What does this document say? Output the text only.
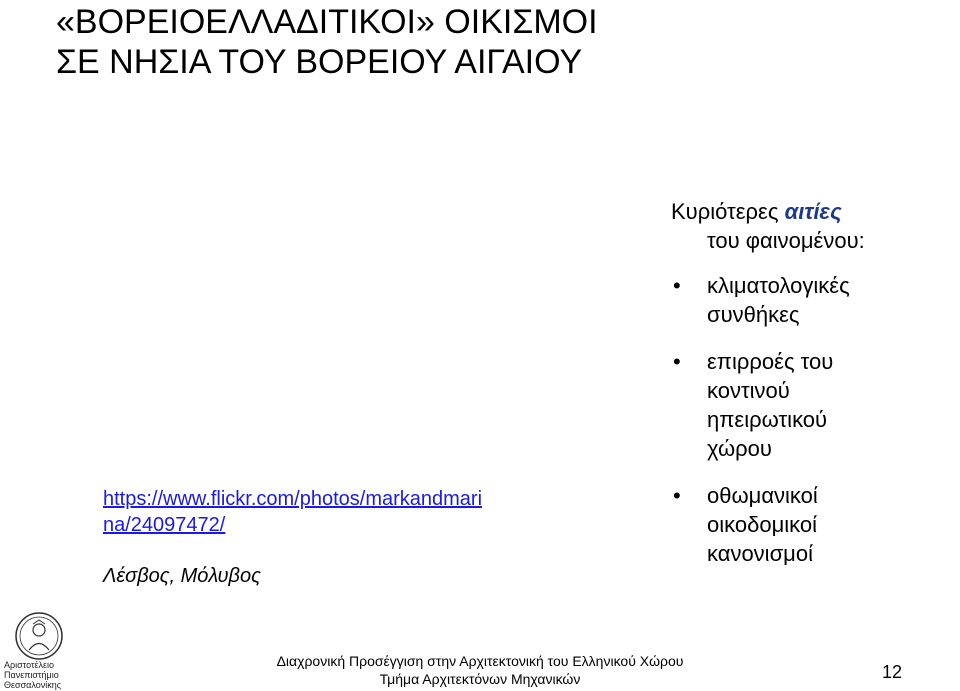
«ΒΟΡΕΙΟΕΛΛΑΔΙΤΙΚΟΙ» ΟΙΚΙΣΜΟΙ
ΣΕ ΝΗΣΙΑ ΤΟΥ ΒΟΡΕΙΟΥ ΑΙΓΑΙΟΥ

https://www.flickr.com/photos/markandmari
na/24097472/

Λέσβος, Μόλυβος

Κυριότερες αιτίες
του φαινομένου:

• κλιματολογικές
συνθήκες
• επιρροές του
κοντινού
ηπειρωτικού
χώρου
• οθωμανικοί
οικοδομικοί
κανονισμοί
Αριστοτέλειο
Πανεπιστήμιο
Θεσσαλονίκης
Διαχρονική Προσέγγιση στην Αρχιτεκτονική του Ελληνικού Χώρου
Τμήμα Αρχιτεκτόνων Μηχανικών	12
